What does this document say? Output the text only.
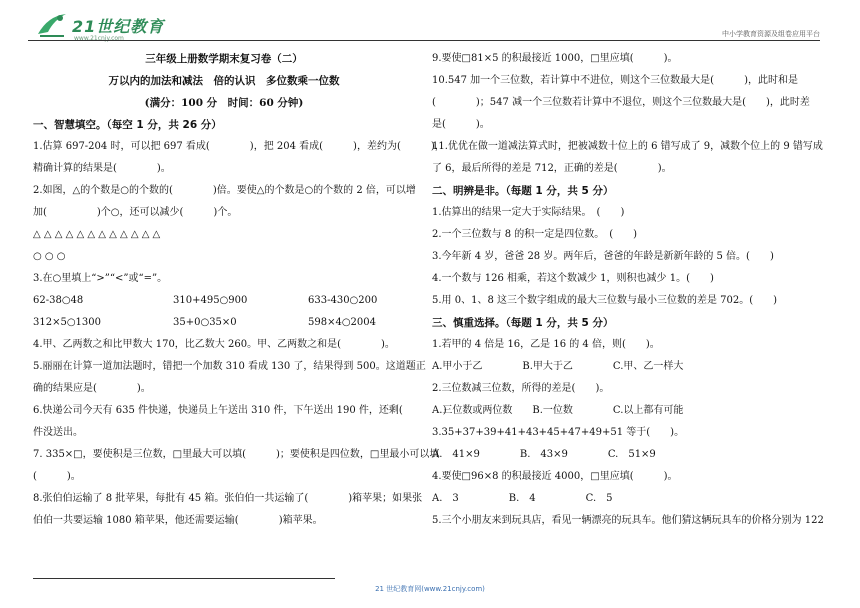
21世纪教育
www.21cnjy.com
中小学教育资源及组卷应用平台
三年级上册数学期末复习卷（二）
万以内的加法和减法　倍的认识　多位数乘一位数
(满分：100 分　时间：60 分钟)
一、智慧填空。（每空 1 分，共 26 分）
1.估算 697-204 时，可以把 697 看成(　　　　)，把 204 看成(　　　)，差约为(　　　)，
精确计算的结果是(　　　　)。
2.如图，△的个数是○的个数的(　　　　)倍。要使△的个数是○的个数的 2 倍，可以增
加(　　　　　)个○，还可以减少(　　　)个。
△ △ △ △ △ △ △ △ △ △ △ △
○ ○ ○
3.在○里填上“>”“<”或“=”。
62-38○48	310+495○900	633-430○200
312×5○1300	35+0○35×0	598×4○2004
4.甲、乙两数之和比甲数大 170，比乙数大 260。甲、乙两数之和是(　　　　)。
5.丽丽在计算一道加法题时，错把一个加数 310 看成 130 了，结果得到 500。这道题正
确的结果应是(　　　　)。
6.快递公司今天有 635 件快递，快递员上午送出 310 件，下午送出 190 件，还剩(　　　　)
件没送出。
7. 335×□，要使积是三位数，□里最大可以填(　　　)；要使积是四位数，□里最小可以填
(　　　)。
8.张伯伯运输了 8 批苹果，每批有 45 箱。张伯伯一共运输了(　　　　)箱苹果；如果张
伯伯一共要运输 1080 箱苹果，他还需要运输(　　　　)箱苹果。
9.要使□81×5 的积最接近 1000，□里应填(　　　)。
10.547 加一个三位数，若计算中不进位，则这个三位数最大是(　　　)，此时和是
(　　　　)；547 减一个三位数若计算中不退位，则这个三位数最大是(　　)，此时差
是(　　　)。
11.优优在做一道减法算式时，把被减数十位上的 6 错写成了 9，减数个位上的 9 错写成
了 6，最后所得的差是 712，正确的差是(　　　　)。
二、明辨是非。（每题 1 分，共 5 分）
1.估算出的结果一定大于实际结果。　(　　)
2.一个三位数与 8 的积一定是四位数。　(　　)
3.今年新 4 岁，爸爸 28 岁。两年后，爸爸的年龄是新新年龄的 5 倍。(　　)
4.一个数与 126 相乘，若这个数减少 1，则积也减少 1。(　　)
5.用 0、1、8 这三个数字组成的最大三位数与最小三位数的差是 702。(　　)
三、慎重选择。（每题 1 分，共 5 分）
1.若甲的 4 倍是 16，乙是 16 的 4 倍，则(　　)。
A.甲小于乙　　　　B.甲大于乙　　　　C.甲、乙一样大
2.三位数减三位数，所得的差是(　　)。
A.三位数或两位数　　B.一位数　　　　C.以上都有可能
3.35+37+39+41+43+45+47+49+51 等于(　　)。
A.　41×9　　　　B.　43×9　　　　C.　51×9
4.要使□96×8 的积最接近 4000，□里应填(　　　)。
A.　3　　　　　B.　4　　　　　C.　5
5.三个小朋友来到玩具店，看见一辆漂亮的玩具车。他们猜这辆玩具车的价格分别为 122
21 世纪教育网(www.21cnjy.com)
